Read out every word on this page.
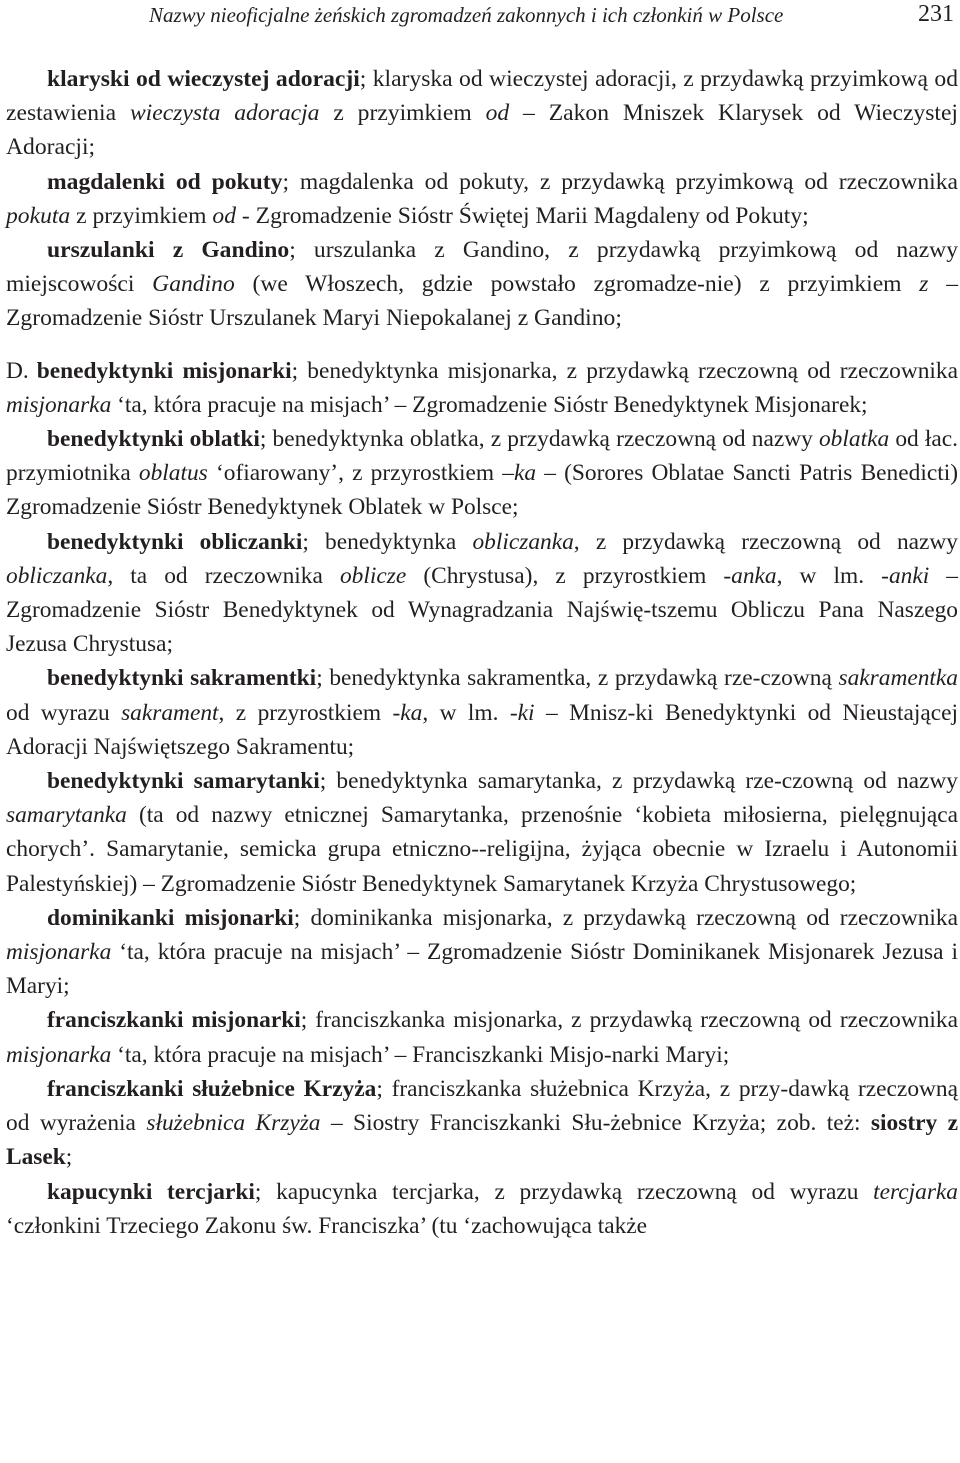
Nazwy nieoficjalne żeńskich zgromadzeń zakonnych i ich członkiń w Polsce	231

klaryski od wieczystej adoracji; klaryska od wieczystej adoracji, z przydawką przyimkową od zestawienia wieczysta adoracja z przyimkiem od – Zakon Mniszek Klarysek od Wieczystej Adoracji;

magdalenki od pokuty; magdalenka od pokuty, z przydawką przyimkową od rzeczownika pokuta z przyimkiem od - Zgromadzenie Sióstr Świętej Marii Magdaleny od Pokuty;

urszulanki z Gandino; urszulanka z Gandino, z przydawką przyimkową od nazwy miejscowości Gandino (we Włoszech, gdzie powstało zgromadze-nie) z przyimkiem z – Zgromadzenie Sióstr Urszulanek Maryi Niepokalanej z Gandino;

D. benedyktynki misjonarki; benedyktynka misjonarka, z przydawką rzeczowną od rzeczownika misjonarka ‘ta, która pracuje na misjach’ – Zgromadzenie Sióstr Benedyktynek Misjonarek;

benedyktynki oblatki; benedyktynka oblatka, z przydawką rzeczowną od nazwy oblatka od łac. przymiotnika oblatus ‘ofiarowany’, z przyrostkiem –ka – (Sorores Oblatae Sancti Patris Benedicti) Zgromadzenie Sióstr Benedyktynek Oblatek w Polsce;

benedyktynki obliczanki; benedyktynka obliczanka, z przydawką rzeczowną od nazwy obliczanka, ta od rzeczownika oblicze (Chrystusa), z przyrostkiem -anka, w lm. -anki – Zgromadzenie Sióstr Benedyktynek od Wynagradzania Najświę-tszemu Obliczu Pana Naszego Jezusa Chrystusa;

benedyktynki sakramentki; benedyktynka sakramentka, z przydawką rze-czowną sakramentka od wyrazu sakrament, z przyrostkiem -ka, w lm. -ki – Mnisz-ki Benedyktynki od Nieustającej Adoracji Najświętszego Sakramentu;

benedyktynki samarytanki; benedyktynka samarytanka, z przydawką rze-czowną od nazwy samarytanka (ta od nazwy etnicznej Samarytanka, przenośnie ‘kobieta miłosierna, pielęgnująca chorych’. Samarytanie, semicka grupa etniczno--religijna, żyjąca obecnie w Izraelu i Autonomii Palestyńskiej) – Zgromadzenie Sióstr Benedyktynek Samarytanek Krzyża Chrystusowego;

dominikanki misjonarki; dominikanka misjonarka, z przydawką rzeczowną od rzeczownika misjonarka ‘ta, która pracuje na misjach’ – Zgromadzenie Sióstr Dominikanek Misjonarek Jezusa i Maryi;

franciszkanki misjonarki; franciszkanka misjonarka, z przydawką rzeczowną od rzeczownika misjonarka ‘ta, która pracuje na misjach’ – Franciszkanki Misjo-narki Maryi;

franciszkanki służebnice Krzyża; franciszkanka służebnica Krzyża, z przy-dawką rzeczowną od wyrażenia służebnica Krzyża – Siostry Franciszkanki Słu-żebnice Krzyża; zob. też: siostry z Lasek;

kapucynki tercjarki; kapucynka tercjarka, z przydawką rzeczowną od wyrazu tercjarka ‘członkini Trzeciego Zakonu św. Franciszka’ (tu ‘zachowująca także
